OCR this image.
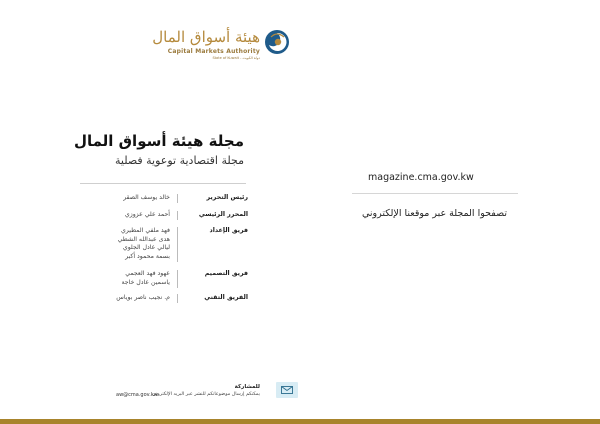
هيئة أسواق المال
Capital Markets Authority
State of Kuwait - دولة الكويت
مجلة هيئة أسواق المال
مجلة اقتصادية توعوية فصلية
رئيس التحرير
خالد يوسف الصقر
المحرر الرئيسي
أحمد علي عزوزي
فريق الإعداد
فهد ملفي المطيري
هدى عبدالله الشطي
ليالي عادل الجلوي
بسمة محمود أكبر
فريق التصميم
عهود فهد العجمي
ياسمين عادل خاجة
الفريق التقني
م. نجيب ناصر بوياس
magazine.cma.gov.kw
تصفحوا المجلة عبر موقعنا الإلكتروني
للمشاركة
يمكنكم إرسال موضوعاتكم للنشر عبر البريد الإلكتروني
aw@cma.gov.kw
